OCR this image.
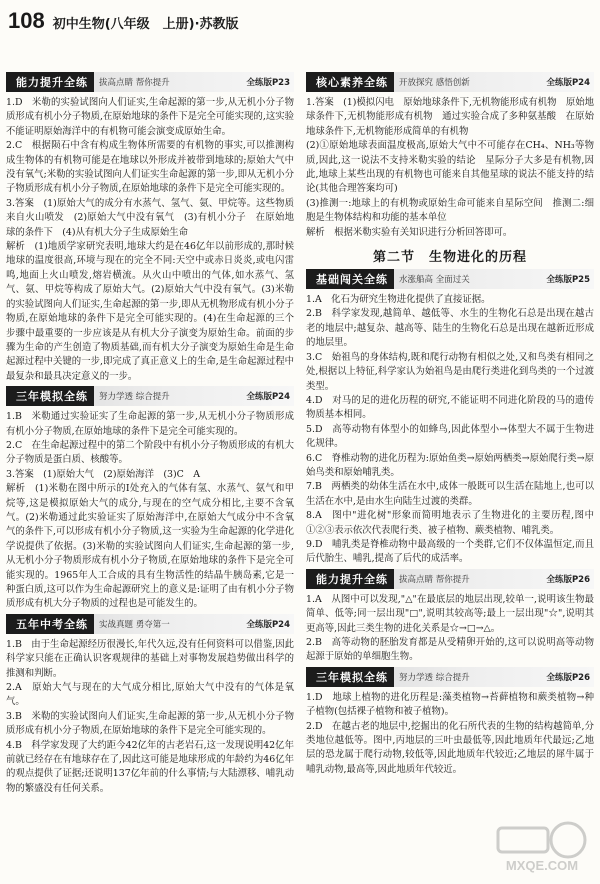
108 初中生物(八年级　上册)·苏教版
能力提升全练	拔高点睛 帮你提升	全练版P23

1.D　米勒的实验试图向人们证实,生命起源的第一步,从无机小分子物质形成有机小分子物质,在原始地球的条件下是完全可能实现的,这实验不能证明原始海洋中的有机物可能会演变成原始生命。

2.C　根据陨石中含有构成生物体所需要的有机物的事实,可以推测构成生物体的有机物可能是在地球以外形成并被带到地球的;原始大气中没有氧气;米勒的实验试图向人们证实生命起源的第一步,即从无机小分子物质形成有机小分子物质,在原始地球的条件下是完全可能实现的。

3.答案　(1)原始大气的成分有水蒸气、氢气、氨、甲烷等。这些物质来自火山喷发　(2)原始大气中没有氧气　(3)有机小分子　在原始地球的条件下　(4)从有机大分子生成原始生命

解析　(1)地质学家研究表明,地球大约是在46亿年以前形成的,那时候地球的温度很高,环境与现在的完全不同:天空中或赤日炎炎,或电闪雷鸣,地面上火山喷发,熔岩横流。从火山中喷出的气体,如水蒸气、氢气、氨、甲烷等构成了原始大气。(2)原始大气中没有氧气。(3)米勒的实验试图向人们证实,生命起源的第一步,即从无机物形成有机小分子物质,在原始地球的条件下是完全可能实现的。(4)在生命起源的三个步骤中最重要的一步应该是从有机大分子演变为原始生命。前面的步骤为生命的产生创造了物质基础,而有机大分子演变为原始生命是生命起源过程中关键的一步,即完成了真正意义上的生命,是生命起源过程中最复杂和最具决定意义的一步。

三年模拟全练	努力学透 综合提升	全练版P24

1.B　米勒通过实验证实了生命起源的第一步,从无机小分子物质形成有机小分子物质,在原始地球的条件下是完全可能实现的。

2.C　在生命起源过程中的第二个阶段中有机小分子物质形成的有机大分子物质是蛋白质、核酸等。

3.答案　(1)原始大气　(2)原始海洋　(3)C　A

解析　(1)米勒在图中所示的Ⅰ处充入的气体有氢、水蒸气、氨气和甲烷等,这是模拟原始大气的成分,与现在的空气成分相比,主要不含氧气。(2)米勒通过此实验证实了原始海洋中,在原始大气成分中不含氧气的条件下,可以形成有机小分子物质,这一实验为生命起源的化学进化学说提供了依据。(3)米勒的实验试图向人们证实,生命起源的第一步,从无机小分子物质形成有机小分子物质,在原始地球的条件下是完全可能实现的。1965年人工合成的具有生物活性的结晶牛胰岛素,它是一种蛋白质,这可以作为生命起源研究上的意义是:证明了由有机小分子物质形成有机大分子物质的过程也是可能发生的。

五年中考全练	实战真题 勇夺第一	全练版P24

1.B　由于生命起源经历很漫长,年代久远,没有任何资料可以借鉴,因此科学家只能在正确认识客观规律的基础上对事物发展趋势做出科学的推测和判断。

2.A　原始大气与现在的大气成分相比,原始大气中没有的气体是氧气。

3.B　米勒的实验试图向人们证实,生命起源的第一步,从无机小分子物质形成有机小分子物质,在原始地球的条件下是完全可能实现的。

4.B　科学家发现了大约距今42亿年的古老岩石,这一发现说明42亿年前就已经存在有地球存在了,因此这可能是地球形成的年龄约为46亿年的观点提供了证据;还说明137亿年前的什么事情;与大陆漂移、哺乳动物的繁盛没有任何关系。

核心素养全练	开放探究 感悟创新	全练版P24

1.答案　(1)模拟闪电　原始地球条件下,无机物能形成有机物　原始地球条件下,无机物能形成有机物　通过实验合成了多种氨基酸　在原始地球条件下,无机物能形成简单的有机物

(2)①原始地球表面温度极高,原始大气中不可能存在CH₄、NH₃等物质,因此,这一说法不支持米勒实验的结论　星际分子大多是有机物,因此,地球上某些出现的有机物也可能来自其他星球的说法不能支持的结论(其他合理答案均可)

(3)推测一:地球上的有机物或原始生命可能来自星际空间　推测二:细胞是生物体结构和功能的基本单位

解析　根据米勒实验有关知识进行分析回答即可。

第二节　生物进化的历程
基础闯关全练	水涨船高 全面过关	全练版P25

1.A　化石为研究生物进化提供了直接证据。

2.B　科学家发现,越简单、越低等、水生的生物化石总是出现在越古老的地层中;越复杂、越高等、陆生的生物化石总是出现在越新近形成的地层里。

3.C　始祖鸟的身体结构,既和爬行动物有相似之处,又和鸟类有相同之处,根据以上特征,科学家认为始祖鸟是由爬行类进化到鸟类的一个过渡类型。

4.D　对马的足的进化历程的研究,不能证明不同进化阶段的马的遗传物质基本相同。

5.D　高等动物有体型小的如蜂鸟,因此体型小→体型大不属于生物进化规律。

6.C　脊椎动物的进化历程为:原始鱼类→原始两栖类→原始爬行类→原始鸟类和原始哺乳类。

7.B　两栖类的幼体生活在水中,成体一般既可以生活在陆地上,也可以生活在水中,是由水生向陆生过渡的类群。

8.A　图中"进化树"形象而简明地表示了生物进化的主要历程,图中①②③表示依次代表爬行类、被子植物、蕨类植物、哺乳类。

9.D　哺乳类是脊椎动物中最高级的一个类群,它们不仅体温恒定,而且后代胎生、哺乳,提高了后代的成活率。

能力提升全练	拔高点睛 帮你提升	全练版P26

1.A　从图中可以发现,"△"在最底层的地层出现,较单一,说明该生物最简单、低等;同一层出现"□",说明其较高等;最上一层出现"☆",说明其更高等,因此三类生物的进化关系是☆→□→△。

2.B　高等动物的胚胎发育都是从受精卵开始的,这可以说明高等动物起源于原始的单细胞生物。

三年模拟全练	努力学透 综合提升	全练版P26

1.D　地球上植物的进化历程是:藻类植物→苔藓植物和蕨类植物→种子植物(包括裸子植物和被子植物)。

2.D　在越古老的地层中,挖掘出的化石所代表的生物的结构越简单,分类地位越低等。图中,丙地层的三叶虫最低等,因此地质年代最远;乙地层的恐龙属于爬行动物,较低等,因此地质年代较近;乙地层的犀牛属于哺乳动物,最高等,因此地质年代较近。

MXQE.COM
